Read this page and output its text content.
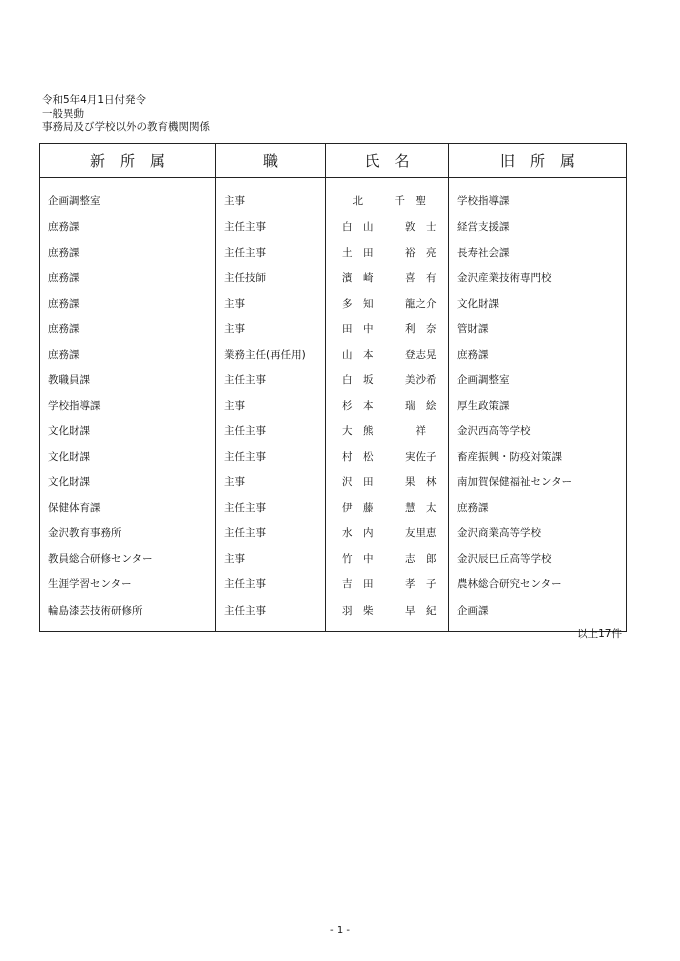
令和5年4月1日付発令
一般異動
事務局及び学校以外の教育機関関係
新　所　属	職	氏　名	旧　所　属
企画調整室	主事	　北　　　千　聖	学校指導課
庶務課	主任主事	白　山　　　敦　士	経営支援課
庶務課	主任主事	土　田　　　裕　亮	長寿社会課
庶務課	主任技師	濱　崎　　　喜　有	金沢産業技術専門校
庶務課	主事	多　知　　　龍之介	文化財課
庶務課	主事	田　中　　　利　奈	管財課
庶務課	業務主任(再任用)	山　本　　　登志晃	庶務課
教職員課	主任主事	白　坂　　　美沙希	企画調整室
学校指導課	主事	杉　本　　　瑞　絵	厚生政策課
文化財課	主任主事	大　熊　　　　祥	金沢西高等学校
文化財課	主任主事	村　松　　　実佐子	畜産振興・防疫対策課
文化財課	主事	沢　田　　　果　林	南加賀保健福祉センター
保健体育課	主任主事	伊　藤　　　慧　太	庶務課
金沢教育事務所	主任主事	水　内　　　友里恵	金沢商業高等学校
教員総合研修センター	主事	竹　中　　　志　郎	金沢辰巳丘高等学校
生涯学習センター	主任主事	吉　田　　　孝　子	農林総合研究センター
輪島漆芸技術研修所	主任主事	羽　柴　　　早　紀	企画課
以上17件
- 1 -
